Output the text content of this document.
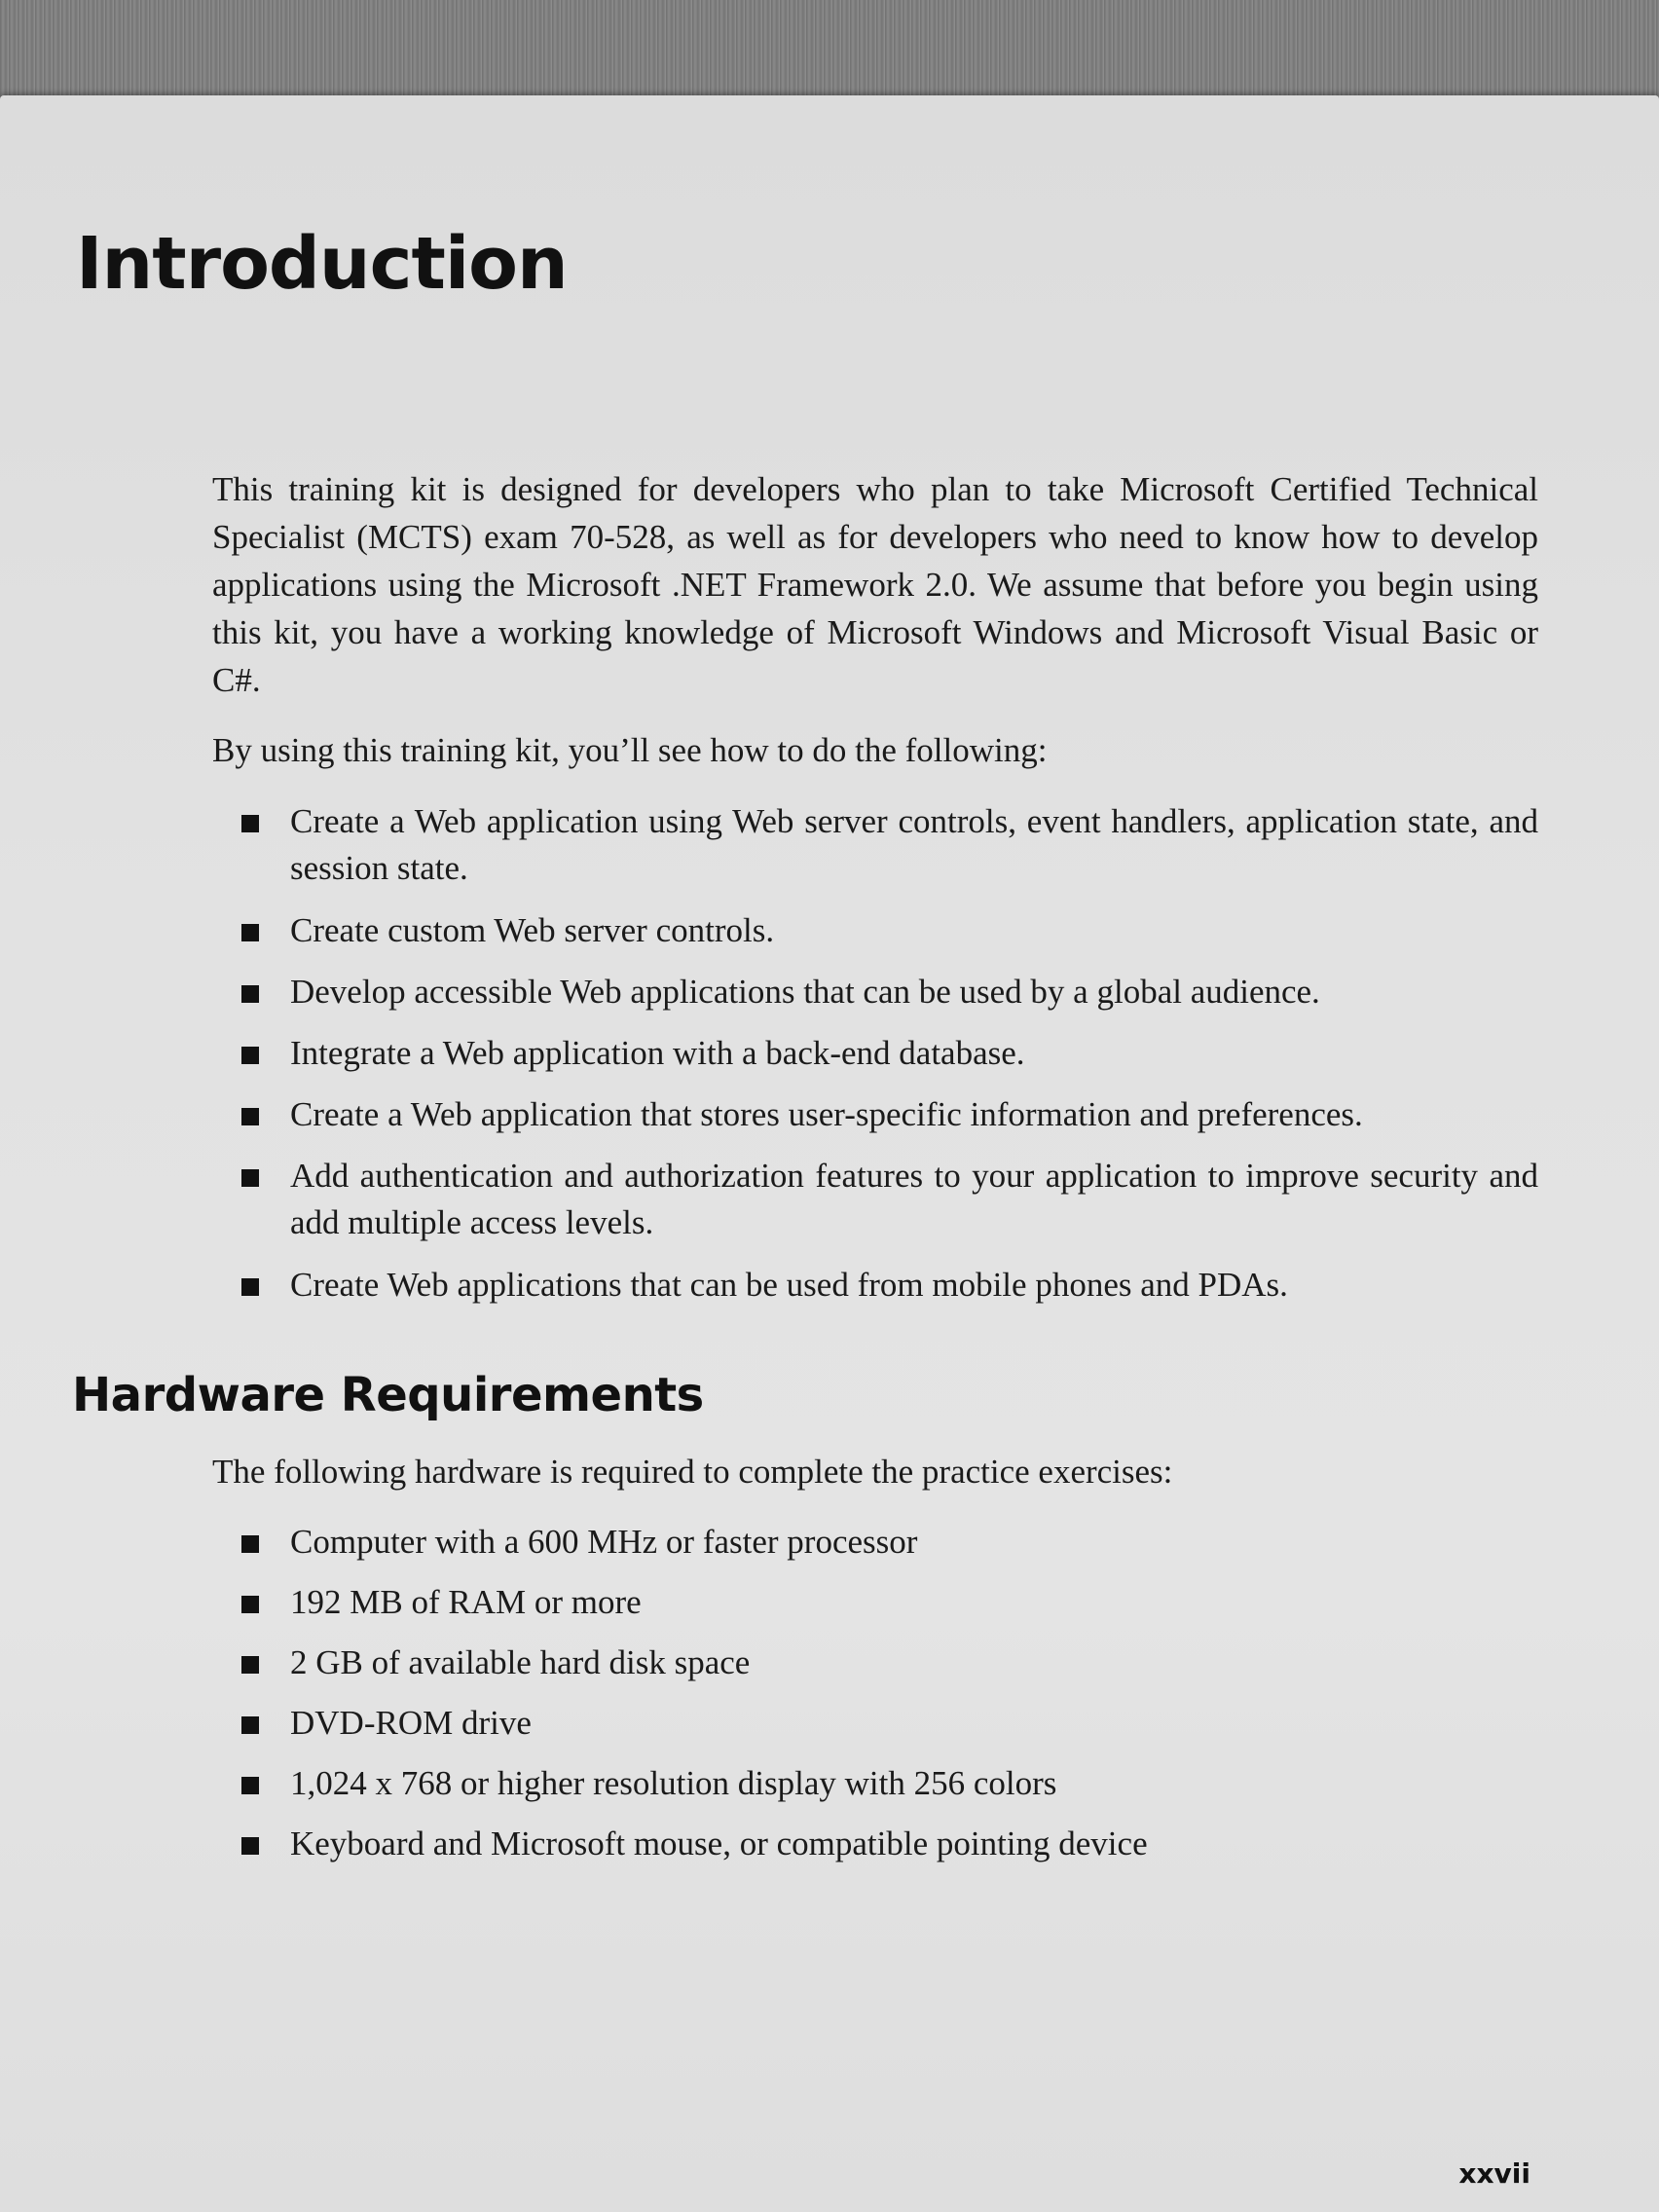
Introduction

This training kit is designed for developers who plan to take Microsoft Certified Technical Specialist (MCTS) exam 70-528, as well as for developers who need to know how to develop applications using the Microsoft .NET Framework 2.0. We assume that before you begin using this kit, you have a working knowledge of Microsoft Windows and Microsoft Visual Basic or C#.

By using this training kit, you’ll see how to do the following:

Create a Web application using Web server controls, event handlers, application state, and session state.
Create custom Web server controls.
Develop accessible Web applications that can be used by a global audience.
Integrate a Web application with a back-end database.
Create a Web application that stores user-specific information and preferences.
Add authentication and authorization features to your application to improve security and add multiple access levels.
Create Web applications that can be used from mobile phones and PDAs.
Hardware Requirements

The following hardware is required to complete the practice exercises:

Computer with a 600 MHz or faster processor
192 MB of RAM or more
2 GB of available hard disk space
DVD-ROM drive
1,024 x 768 or higher resolution display with 256 colors
Keyboard and Microsoft mouse, or compatible pointing device
xxvii
